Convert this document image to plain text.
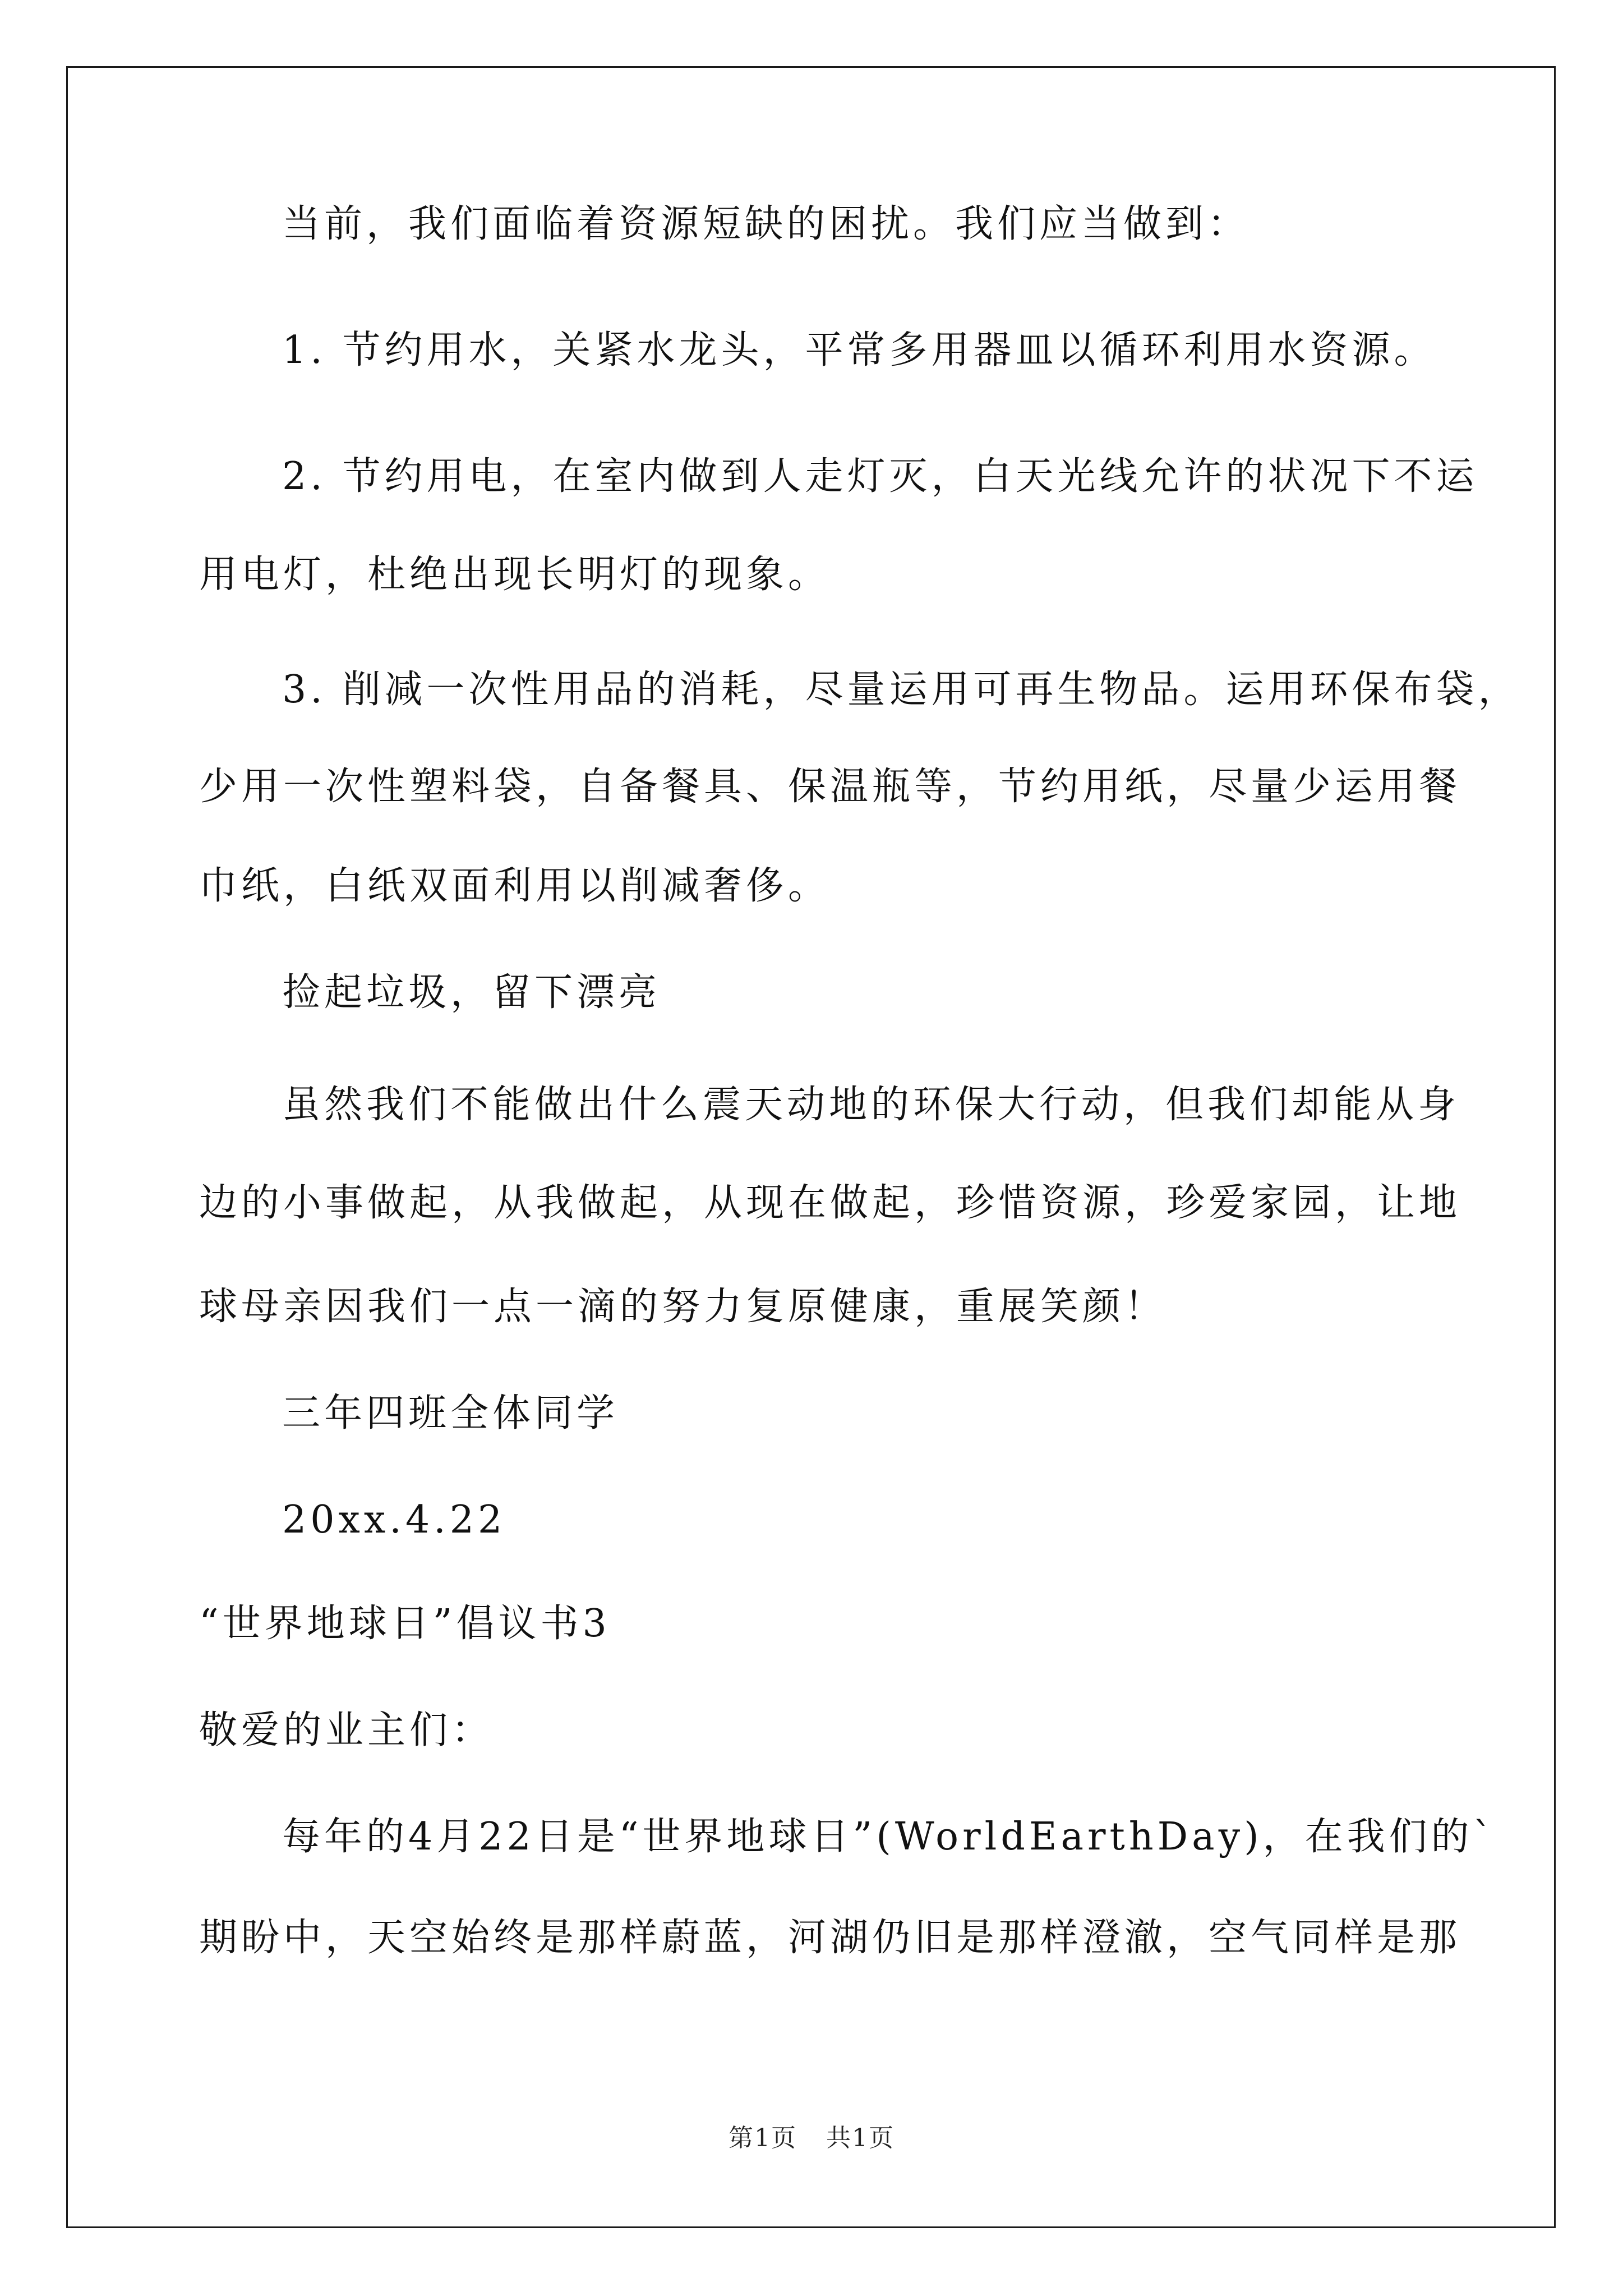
当前，我们面临着资源短缺的困扰。我们应当做到：
1. 节约用水，关紧水龙头，平常多用器皿以循环利用水资源。
2. 节约用电，在室内做到人走灯灭，白天光线允许的状况下不运
用电灯，杜绝出现长明灯的现象。
3. 削减一次性用品的消耗，尽量运用可再生物品。运用环保布袋，
少用一次性塑料袋，自备餐具、保温瓶等，节约用纸，尽量少运用餐
巾纸，白纸双面利用以削减奢侈。
捡起垃圾，留下漂亮
虽然我们不能做出什么震天动地的环保大行动，但我们却能从身
边的小事做起，从我做起，从现在做起，珍惜资源，珍爱家园，让地
球母亲因我们一点一滴的努力复原健康，重展笑颜！
三年四班全体同学
20xx.4.22
“世界地球日”倡议书3
敬爱的业主们：
每年的4月22日是“世界地球日”(WorldEarthDay)，在我们的`
期盼中，天空始终是那样蔚蓝，河湖仍旧是那样澄澈，空气同样是那
第1页 共1页
